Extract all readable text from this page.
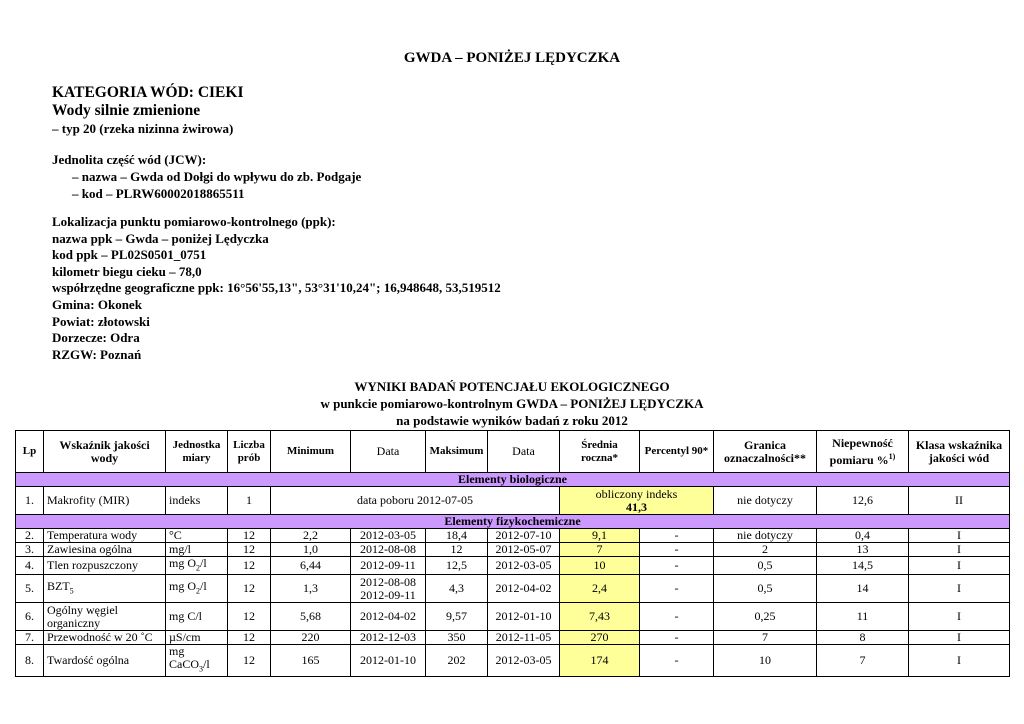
GWDA – PONIŻEJ LĘDYCZKA
KATEGORIA WÓD: CIEKI
Wody silnie zmienione
– typ 20 (rzeka nizinna żwirowa)
Jednolita część wód (JCW):
– nazwa – Gwda od Dołgi do wpływu do zb. Podgaje
– kod – PLRW60002018865511
Lokalizacja punktu pomiarowo-kontrolnego (ppk):
nazwa ppk – Gwda – poniżej Lędyczka
kod ppk – PL02S0501_0751
kilometr biegu cieku – 78,0
współrzędne geograficzne ppk: 16°56'55,13", 53°31'10,24"; 16,948648, 53,519512
Gmina: Okonek
Powiat: złotowski
Dorzecze: Odra
RZGW: Poznań
WYNIKI BADAŃ POTENCJAŁU EKOLOGICZNEGO
w punkcie pomiarowo-kontrolnym GWDA – PONIŻEJ LĘDYCZKA
na podstawie wyników badań z roku 2012
Lp	Wskaźnik jakości wody	Jednostka miary	Liczba prób	Minimum	Data	Maksimum	Data	Średnia roczna*	Percentyl 90*	Granica oznaczalności**	Niepewność pomiaru %$^{1)}$	Klasa wskaźnika jakości wód
Elementy biologiczne												
1.	Makrofity (MIR)	indeks	1	data poboru 2012-07-05				obliczony indeks
41,3		nie dotyczy	12,6	II
Elementy fizykochemiczne												
2.	Temperatura wody	°C	12	2,2	2012-03-05	18,4	2012-07-10	9,1	-	nie dotyczy	0,4	I
3.	Zawiesina ogólna	mg/l	12	1,0	2012-08-08	12	2012-05-07	7	-	2	13	I
4.	Tlen rozpuszczony	mg $O_2/l$	12	6,44	2012-09-11	12,5	2012-03-05	10	-	0,5	14,5	I
5.	$BZT_5$	mg $O_2/l$	12	1,3	2012-08-08
2012-09-11	4,3	2012-04-02	2,4	-	0,5	14	I
6.	Ogólny węgiel organiczny	mg C/l	12	5,68	2012-04-02	9,57	2012-01-10	7,43	-	0,25	11	I
7.	Przewodność w 20 ˚C	µS/cm	12	220	2012-12-03	350	2012-11-05	270	-	7	8	I
8.	Twardość ogólna	mg CaCO$_3$/l	12	165	2012-01-10	202	2012-03-05	174	-	10	7	I
